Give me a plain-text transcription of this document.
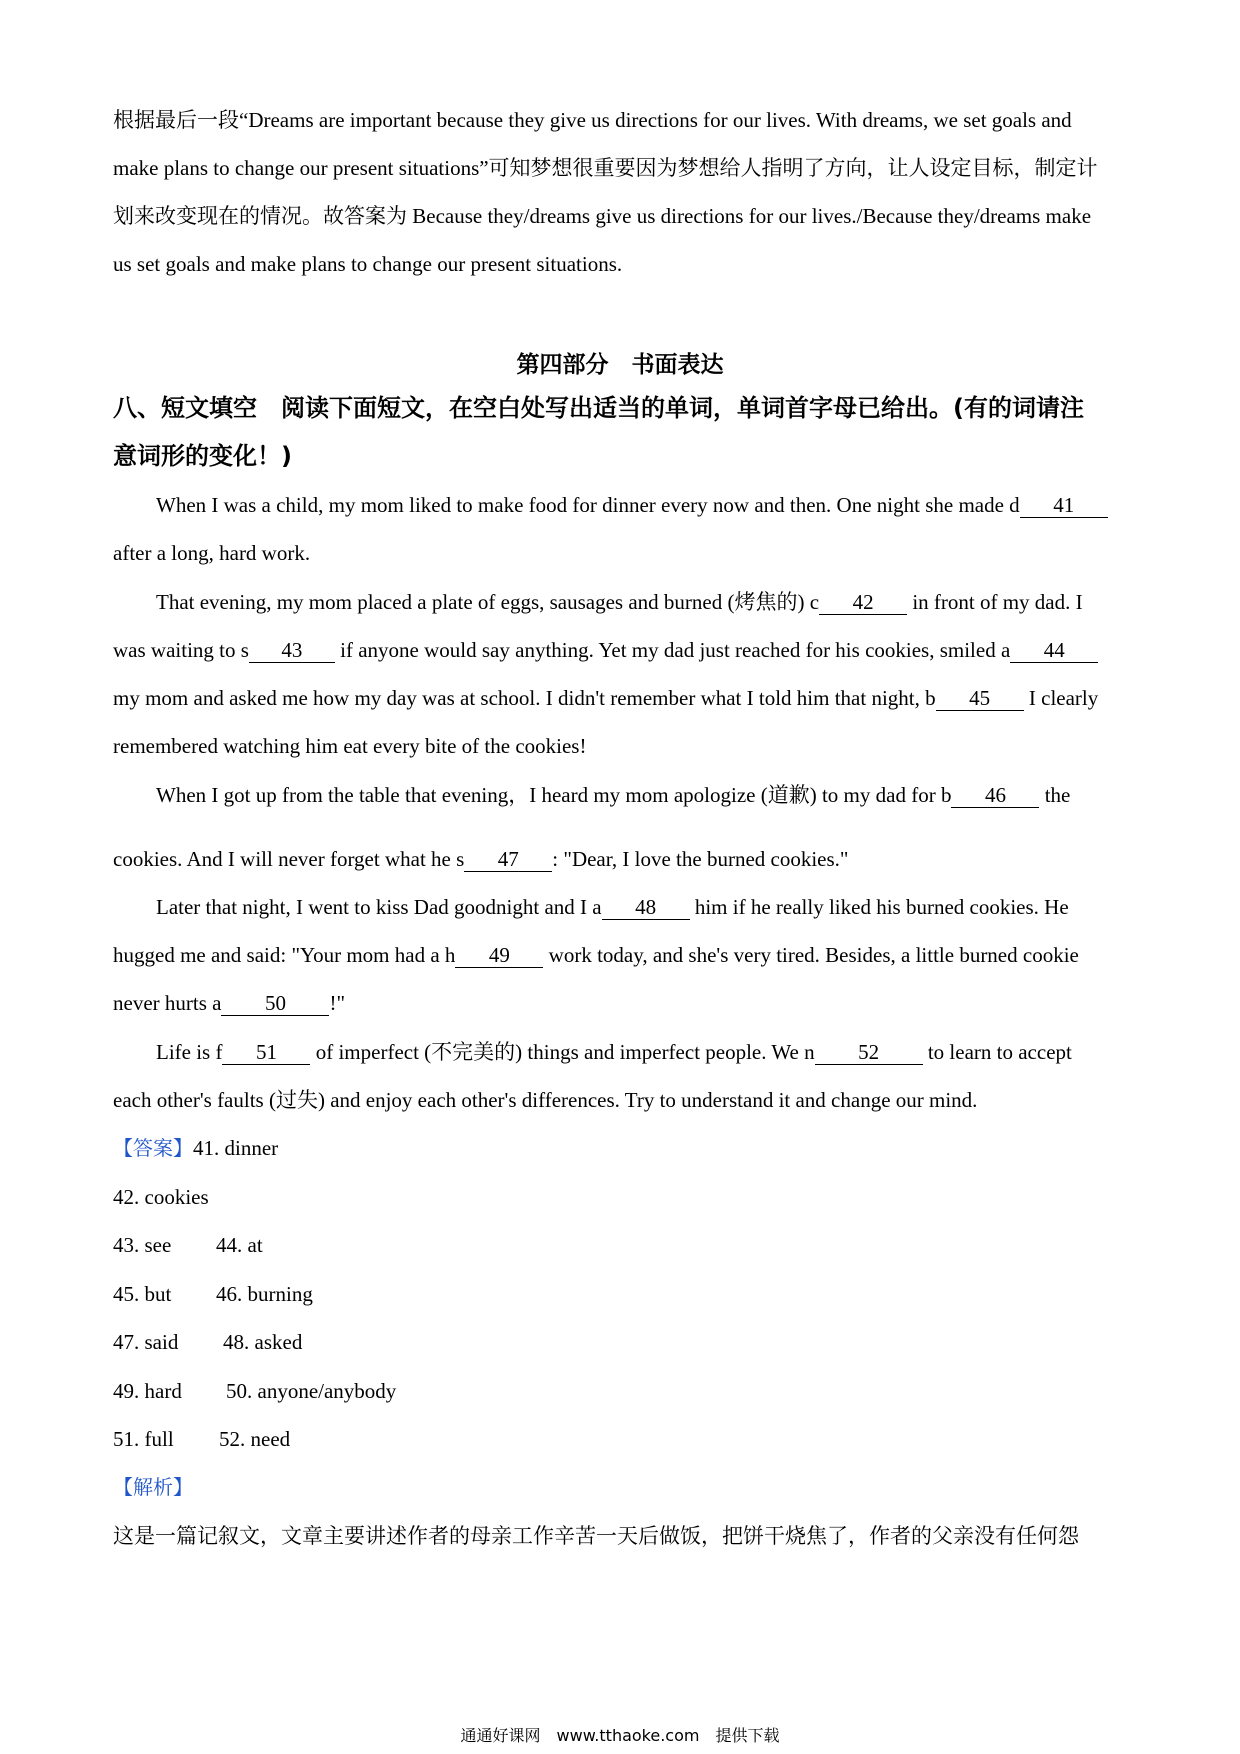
根据最后一段“Dreams are important because they give us directions for our lives. With dreams, we set goals and
make plans to change our present situations”可知梦想很重要因为梦想给人指明了方向，让人设定目标，制定计
划来改变现在的情况。故答案为 Because they/dreams give us directions for our lives./Because they/dreams make
us set goals and make plans to change our present situations.
第四部分　书面表达
八、短文填空　阅读下面短文，在空白处写出适当的单词，单词首字母已给出。(有的词请注
意词形的变化！)
When I was a child, my mom liked to make food for dinner every now and then. One night she made d 41
after a long, hard work.
That evening, my mom placed a plate of eggs, sausages and burned (烤焦的) c 42 in front of my dad. I
was waiting to s 43 if anyone would say anything. Yet my dad just reached for his cookies, smiled a 44
my mom and asked me how my day was at school. I didn't remember what I told him that night, b 45 I clearly
remembered watching him eat every bite of the cookies!
When I got up from the table that evening，I heard my mom apologize (道歉) to my dad for b 46 the
cookies. And I will never forget what he s 47 : "Dear, I love the burned cookies."
Later that night, I went to kiss Dad goodnight and I a 48 him if he really liked his burned cookies. He
hugged me and said: "Your mom had a h 49 work today, and she's very tired. Besides, a little burned cookie
never hurts a 50 !"
Life is f 51 of imperfect (不完美的) things and imperfect people. We n 52 to learn to accept
each other's faults (过失) and enjoy each other's differences. Try to understand it and change our mind.
【答案】41. dinner
42. cookies
43. see 44. at
45. but 46. burning
47. said 48. asked
49. hard 50. anyone/anybody
51. full 52. need
【解析】
这是一篇记叙文，文章主要讲述作者的母亲工作辛苦一天后做饭，把饼干烧焦了，作者的父亲没有任何怨
通通好课网　www.tthaoke.com　提供下载
